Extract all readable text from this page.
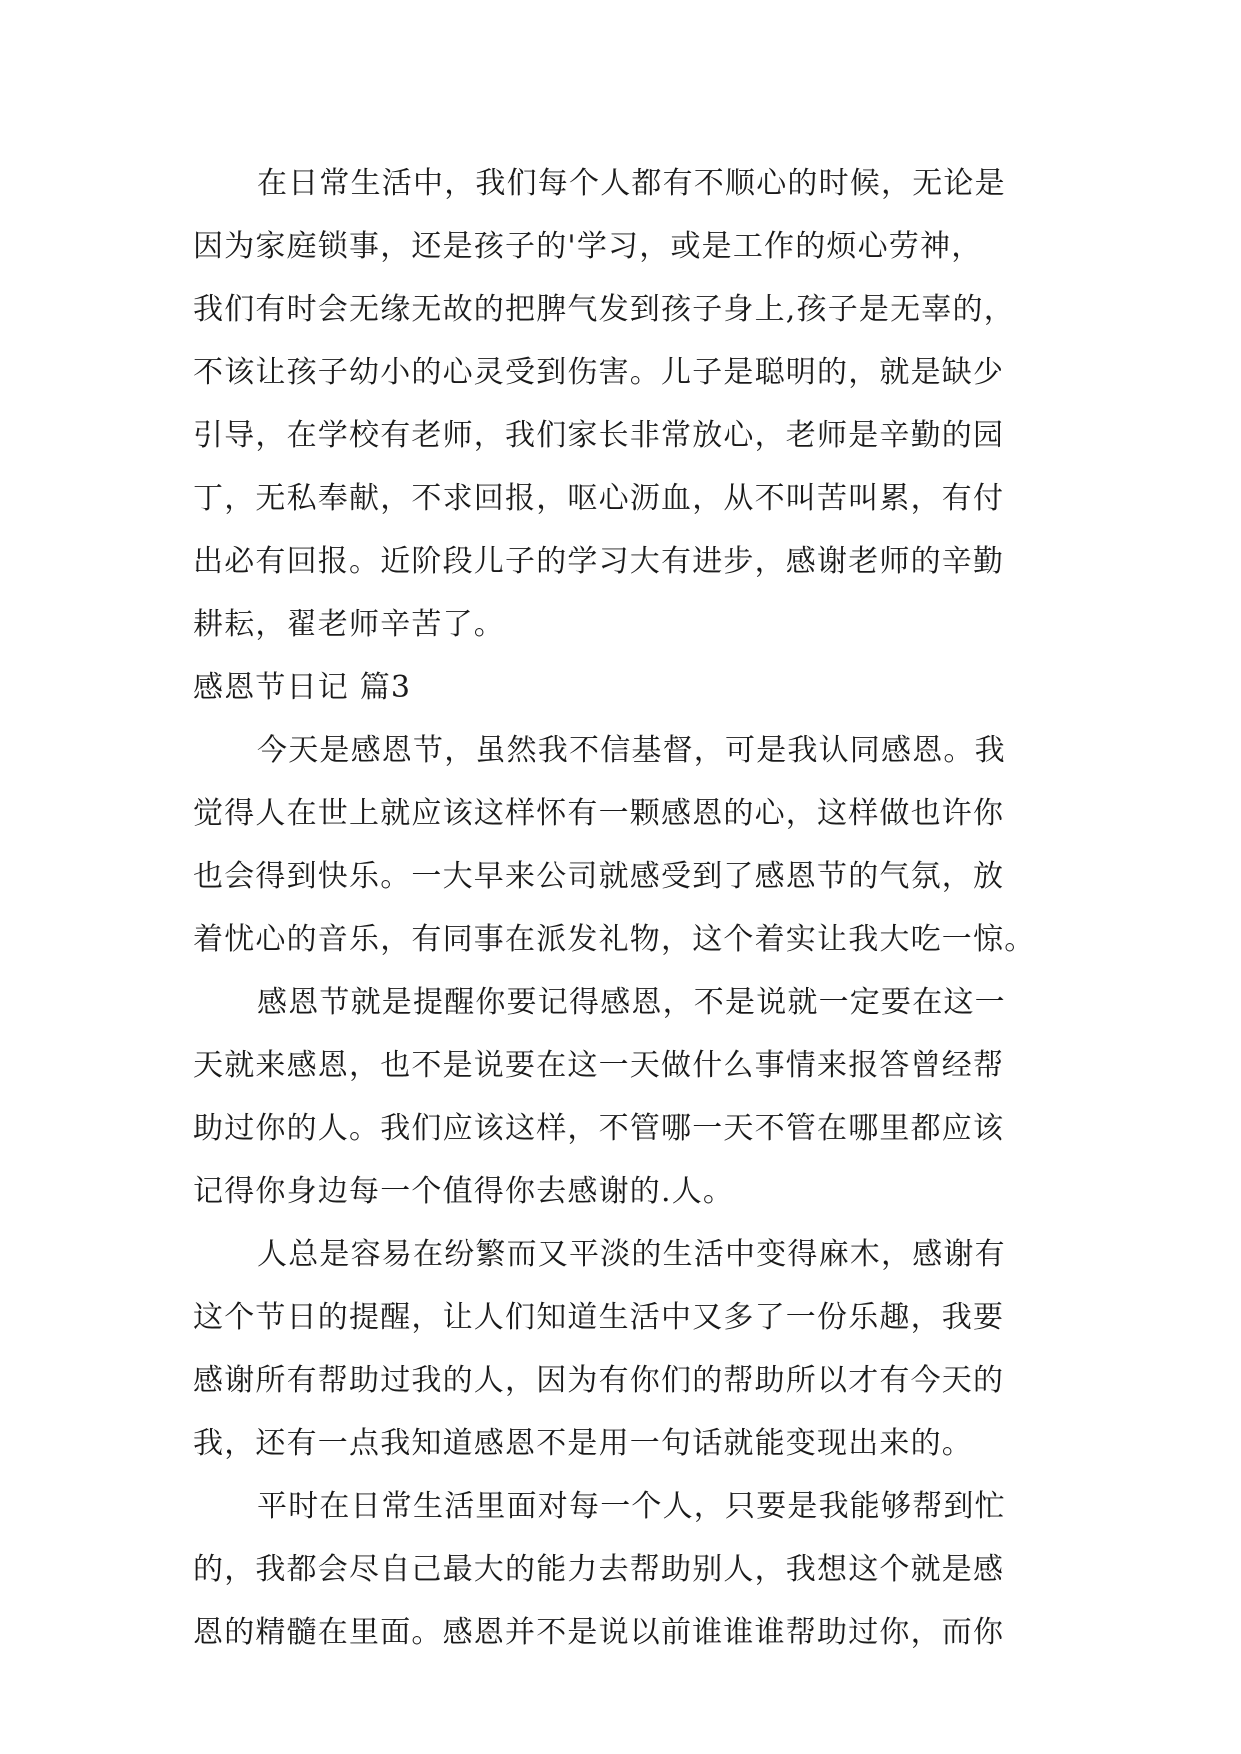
在日常生活中，我们每个人都有不顺心的时候，无论是
因为家庭锁事，还是孩子的'学习，或是工作的烦心劳神，
我们有时会无缘无故的把脾气发到孩子身上,孩子是无辜的，
不该让孩子幼小的心灵受到伤害。儿子是聪明的，就是缺少
引导，在学校有老师，我们家长非常放心，老师是辛勤的园
丁，无私奉献，不求回报，呕心沥血，从不叫苦叫累，有付
出必有回报。近阶段儿子的学习大有进步，感谢老师的辛勤
耕耘，翟老师辛苦了。
感恩节日记 篇3
今天是感恩节，虽然我不信基督，可是我认同感恩。我
觉得人在世上就应该这样怀有一颗感恩的心，这样做也许你
也会得到快乐。一大早来公司就感受到了感恩节的气氛，放
着忧心的音乐，有同事在派发礼物，这个着实让我大吃一惊。
感恩节就是提醒你要记得感恩，不是说就一定要在这一
天就来感恩，也不是说要在这一天做什么事情来报答曾经帮
助过你的人。我们应该这样，不管哪一天不管在哪里都应该
记得你身边每一个值得你去感谢的.人。
人总是容易在纷繁而又平淡的生活中变得麻木，感谢有
这个节日的提醒，让人们知道生活中又多了一份乐趣，我要
感谢所有帮助过我的人，因为有你们的帮助所以才有今天的
我，还有一点我知道感恩不是用一句话就能变现出来的。
平时在日常生活里面对每一个人，只要是我能够帮到忙
的，我都会尽自己最大的能力去帮助别人，我想这个就是感
恩的精髓在里面。感恩并不是说以前谁谁谁帮助过你，而你
